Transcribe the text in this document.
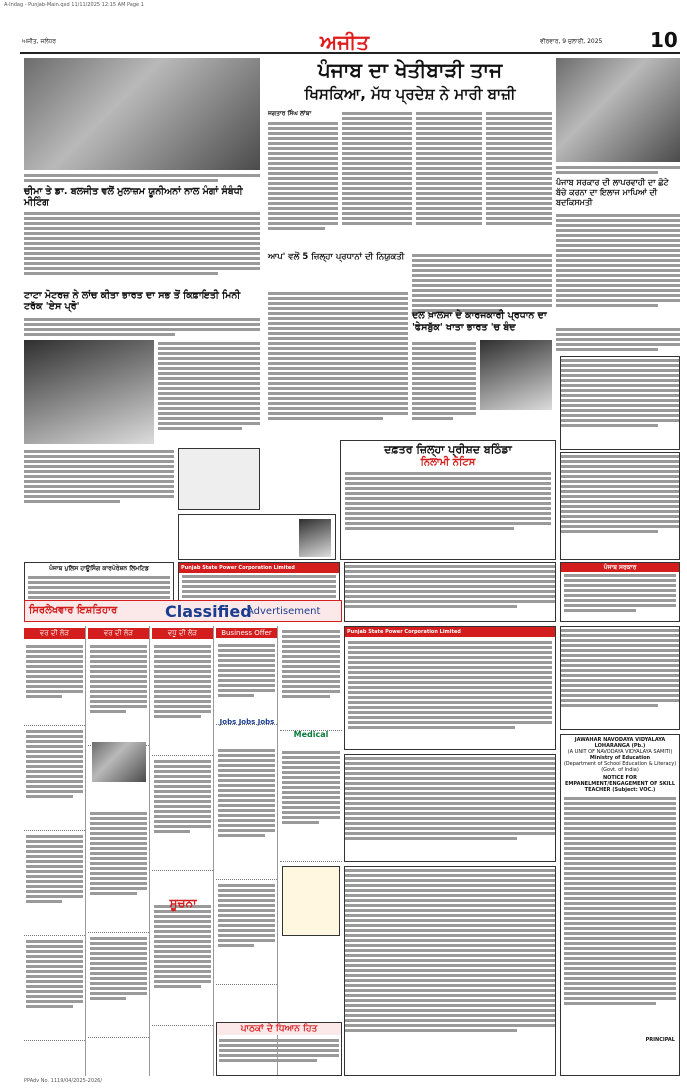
A-Indag - Punjab-Main.qxd 11/11/2025 12:15 AM Page 1
ਅਜੀਤ, ਜਲੰਧਰ	ਅਜੀਤ	ਵੀਰਵਾਰ, 9 ਜੁਲਾਈ, 2025 10
ਚੀਮਾ ਤੇ ਡਾ. ਬਲਜੀਤ ਵਲੋਂ ਮੁਲਾਜ਼ਮ ਯੂਨੀਅਨਾਂ ਨਾਲ ਮੰਗਾਂ ਸੰਬੰਧੀ ਮੀਟਿੰਗ
ਟਾਟਾ ਮੋਟਰਜ਼ ਨੇ ਲਾਂਚ ਕੀਤਾ ਭਾਰਤ ਦਾ ਸਭ ਤੋਂ ਕਿਫ਼ਾਇਤੀ ਮਿਨੀ ਟਰੱਕ 'ਏਸ ਪ੍ਰੋ'
ਪੰਜਾਬ ਦਾ ਖੇਤੀਬਾੜੀ ਤਾਜ
ਖਿਸਕਿਆ, ਮੱਧ ਪ੍ਰਦੇਸ਼ ਨੇ ਮਾਰੀ ਬਾਜ਼ੀ
ਜਗਤਾਰ ਸਿੰਘ ਲਾਂਬਾ
ਆਪ' ਵਲੋਂ 5 ਜ਼ਿਲ੍ਹਾ ਪ੍ਰਧਾਨਾਂ ਦੀ ਨਿਯੁਕਤੀ
ਪੰਜਾਬ ਸਰਕਾਰ ਦੀ ਲਾਪਰਵਾਹੀ ਦਾ ਛੋਟੇ ਬੱਚੇ ਕਰਨਾ ਦਾ ਇਲਾਜ ਮਾਪਿਆਂ ਦੀ ਬਦਕਿਸਮਤੀ
ਦਲ ਖ਼ਾਲਸਾ ਦੇ ਕਾਰਜਕਾਰੀ ਪ੍ਰਧਾਨ ਦਾ 'ਫੇਸਬੁੱਕ' ਖਾਤਾ ਭਾਰਤ 'ਚ ਬੰਦ
ਦਫ਼ਤਰ ਜ਼ਿਲ੍ਹਾ ਪ੍ਰੀਸ਼ਦ ਬਠਿੰਡਾ
ਨਿਲਾਮੀ ਨੋਟਿਸ
ਪੰਜਾਬ ਪੁਲਿਸ ਹਾਊਸਿੰਗ ਕਾਰਪੋਰੇਸ਼ਨ ਲਿਮਟਿਡ	Punjab State Power Corporation Limited	ਪੰਜਾਬ ਸਰਕਾਰ
ਸਿਰਲੇਖਵਾਰ ਇਸ਼ਤਿਹਾਰ	Classified
Advertisement
ਵਰ ਦੀ ਲੋੜ	ਵਰ ਦੀ ਲੋੜ	ਵਧੂ ਦੀ ਲੋੜ
ਸੂਚਨਾ
Business Offer
Jobs Jobs Jobs
Medical
ਪਾਠਕਾਂ ਦੇ ਧਿਆਨ ਹਿਤ
Punjab State Power Corporation Limited
JAWAHAR NAVODAYA VIDYALAYA LOHARANGA (Pb.)
(A UNIT OF NAVODAYA VIDYALAYA SAMITI)
Ministry of Education
(Department of School Education & Literacy)
(Govt. of India)
NOTICE FOR EMPANELMENT/ENGAGEMENT OF SKILL TEACHER (Subject: VOC.)
PRINCIPAL
PPAdv No. 1119/04/2025-2026/
